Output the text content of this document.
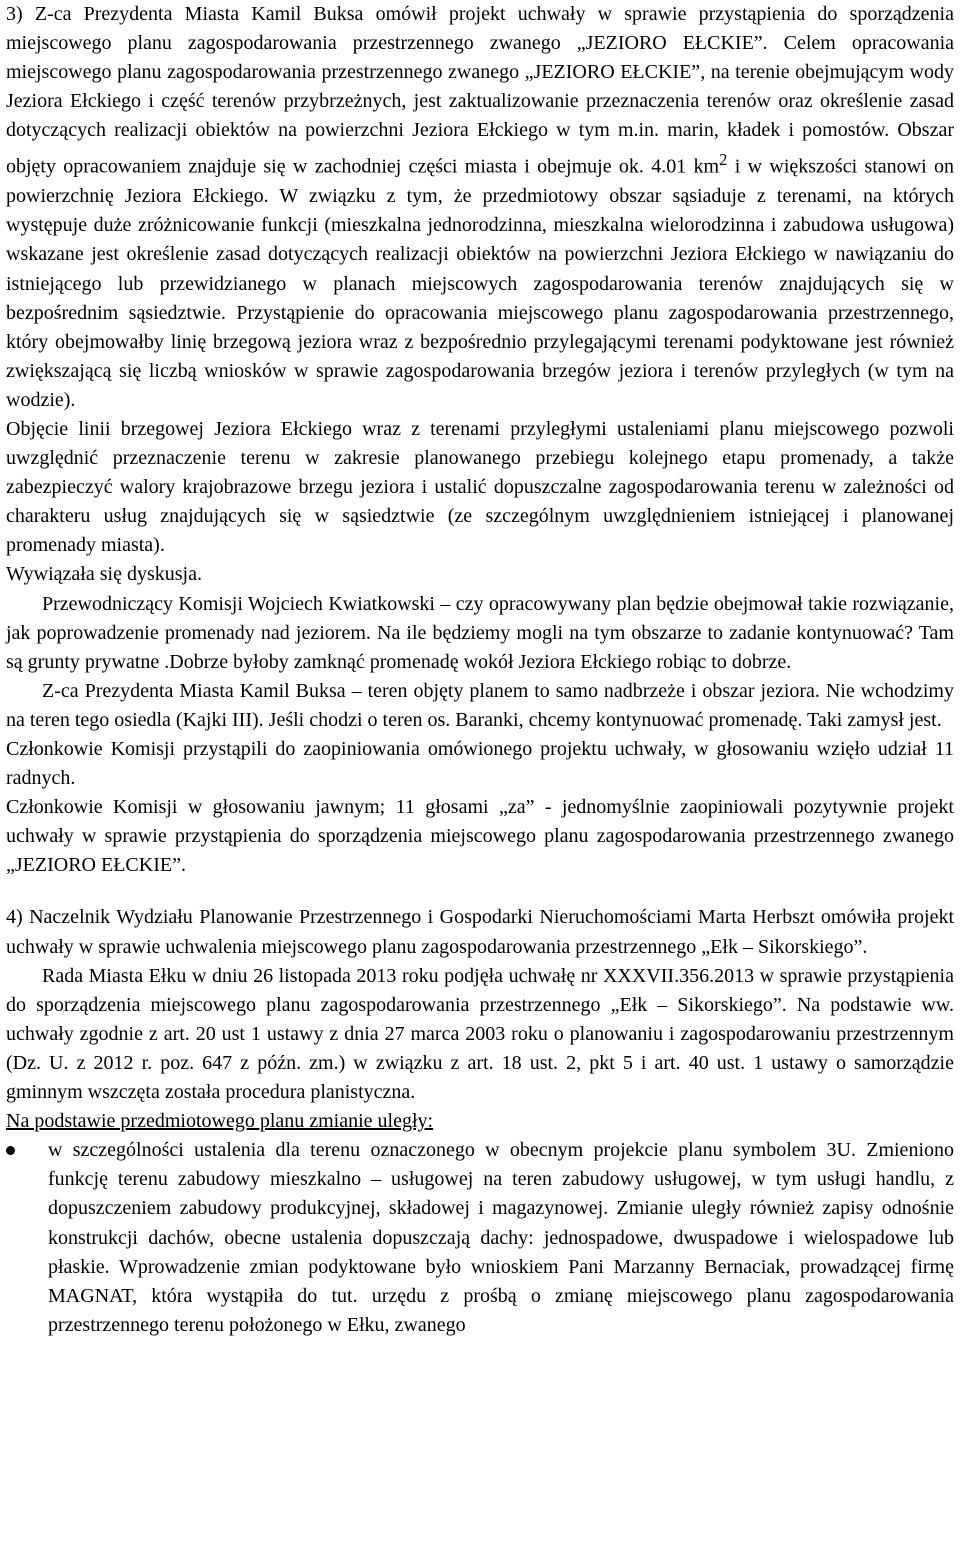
3) Z-ca Prezydenta Miasta Kamil Buksa omówił projekt uchwały w sprawie przystąpienia do sporządzenia miejscowego planu zagospodarowania przestrzennego zwanego „JEZIORO EŁCKIE”. Celem opracowania miejscowego planu zagospodarowania przestrzennego zwanego „JEZIORO EŁCKIE”, na terenie obejmującym wody Jeziora Ełckiego i część terenów przybrzeżnych, jest zaktualizowanie przeznaczenia terenów oraz określenie zasad dotyczących realizacji obiektów na powierzchni Jeziora Ełckiego w tym m.in. marin, kładek i pomostów. Obszar objęty opracowaniem znajduje się w zachodniej części miasta i obejmuje ok. 4.01 $km^2$ i w większości stanowi on powierzchnię Jeziora Ełckiego. W związku z tym, że przedmiotowy obszar sąsiaduje z terenami, na których występuje duże zróżnicowanie funkcji (mieszkalna jednorodzinna, mieszkalna wielorodzinna i zabudowa usługowa) wskazane jest określenie zasad dotyczących realizacji obiektów na powierzchni Jeziora Ełckiego w nawiązaniu do istniejącego lub przewidzianego w planach miejscowych zagospodarowania terenów znajdujących się w bezpośrednim sąsiedztwie. Przystąpienie do opracowania miejscowego planu zagospodarowania przestrzennego, który obejmowałby linię brzegową jeziora wraz z bezpośrednio przylegającymi terenami podyktowane jest również zwiększającą się liczbą wniosków w sprawie zagospodarowania brzegów jeziora i terenów przyległych (w tym na wodzie).

Objęcie linii brzegowej Jeziora Ełckiego wraz z terenami przyległymi ustaleniami planu miejscowego pozwoli uwzględnić przeznaczenie terenu w zakresie planowanego przebiegu kolejnego etapu promenady, a także zabezpieczyć walory krajobrazowe brzegu jeziora i ustalić dopuszczalne zagospodarowania terenu w zależności od charakteru usług znajdujących się w sąsiedztwie (ze szczególnym uwzględnieniem istniejącej i planowanej promenady miasta).

Wywiązała się dyskusja.

Przewodniczący Komisji Wojciech Kwiatkowski – czy opracowywany plan będzie obejmował takie rozwiązanie, jak poprowadzenie promenady nad jeziorem. Na ile będziemy mogli na tym obszarze to zadanie kontynuować? Tam są grunty prywatne .Dobrze byłoby zamknąć promenadę wokół Jeziora Ełckiego robiąc to dobrze.

Z-ca Prezydenta Miasta Kamil Buksa – teren objęty planem to samo nadbrzeże i obszar jeziora. Nie wchodzimy na teren tego osiedla (Kajki III). Jeśli chodzi o teren os. Baranki, chcemy kontynuować promenadę. Taki zamysł jest.

Członkowie Komisji przystąpili do zaopiniowania omówionego projektu uchwały, w głosowaniu wzięło udział 11 radnych.

Członkowie Komisji w głosowaniu jawnym; 11 głosami „za” - jednomyślnie zaopiniowali pozytywnie projekt uchwały w sprawie przystąpienia do sporządzenia miejscowego planu zagospodarowania przestrzennego zwanego „JEZIORO EŁCKIE”.

4) Naczelnik Wydziału Planowanie Przestrzennego i Gospodarki Nieruchomościami Marta Herbszt omówiła projekt uchwały w sprawie uchwalenia miejscowego planu zagospodarowania przestrzennego „Ełk – Sikorskiego”.

Rada Miasta Ełku w dniu 26 listopada 2013 roku podjęła uchwałę nr XXXVII.356.2013 w sprawie przystąpienia do sporządzenia miejscowego planu zagospodarowania przestrzennego „Ełk – Sikorskiego”. Na podstawie ww. uchwały zgodnie z art. 20 ust 1 ustawy z dnia 27 marca 2003 roku o planowaniu i zagospodarowaniu przestrzennym (Dz. U. z 2012 r. poz. 647 z późn. zm.) w związku z art. 18 ust. 2, pkt 5 i art. 40 ust. 1 ustawy o samorządzie gminnym wszczęta została procedura planistyczna.

Na podstawie przedmiotowego planu zmianie uległy:

w szczególności ustalenia dla terenu oznaczonego w obecnym projekcie planu symbolem 3U. Zmieniono funkcję terenu zabudowy mieszkalno – usługowej na teren zabudowy usługowej, w tym usługi handlu, z dopuszczeniem zabudowy produkcyjnej, składowej i magazynowej. Zmianie uległy również zapisy odnośnie konstrukcji dachów, obecne ustalenia dopuszczają dachy: jednospadowe, dwuspadowe i wielospadowe lub płaskie. Wprowadzenie zmian podyktowane było wnioskiem Pani Marzanny Bernaciak, prowadzącej firmę MAGNAT, która wystąpiła do tut. urzędu z prośbą o zmianę miejscowego planu zagospodarowania przestrzennego terenu położonego w Ełku, zwanego
